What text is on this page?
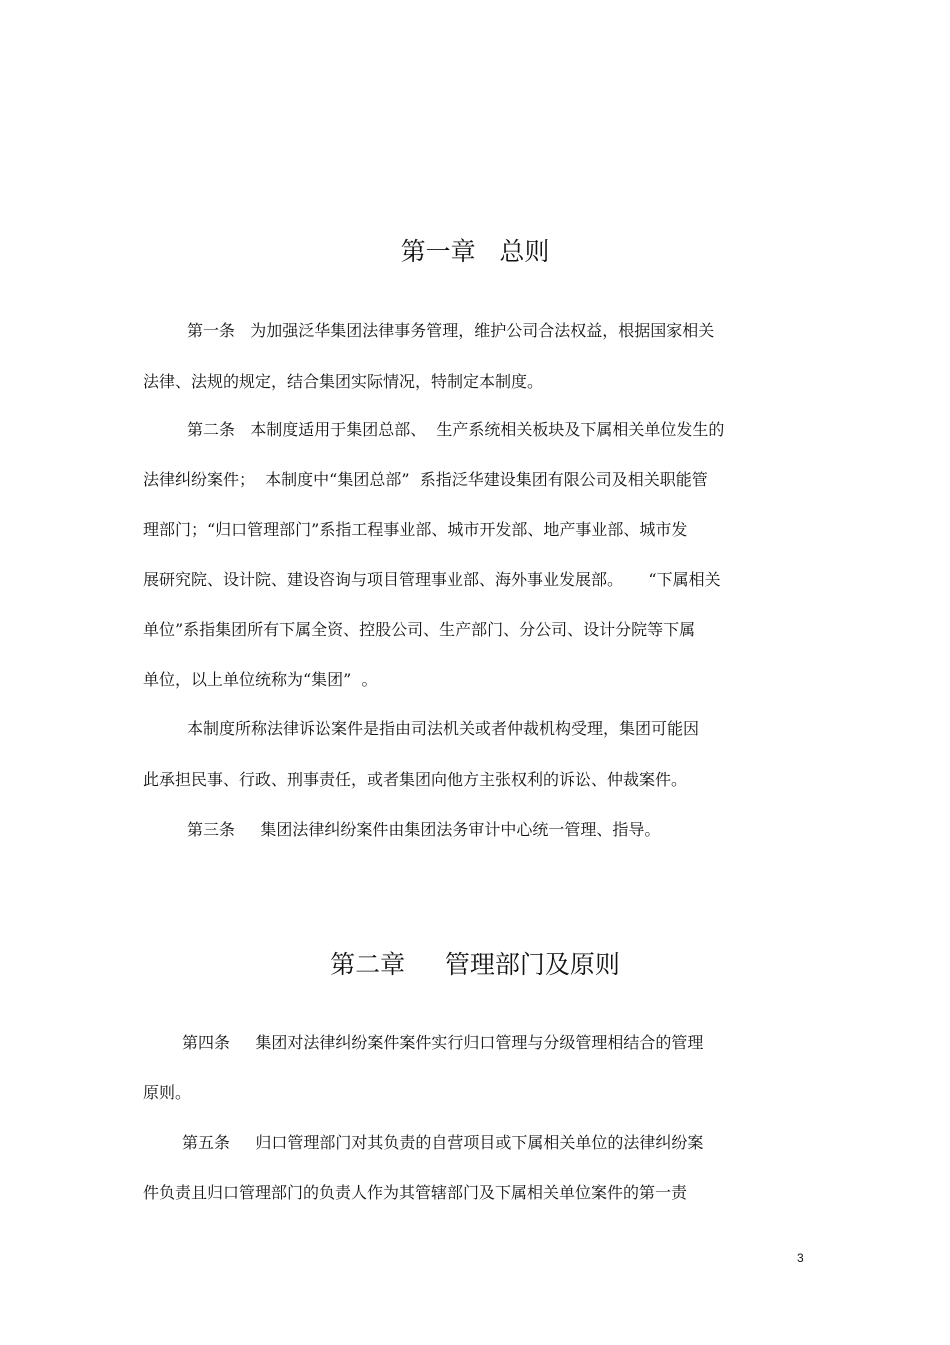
第一章   总则

第一条   为加强泛华集团法律事务管理，维护公司合法权益，根据国家相关

法律、法规的规定，结合集团实际情况，特制定本制度。

第二条   本制度适用于集团总部、  生产系统相关板块及下属相关单位发生的

法律纠纷案件；  本制度中“集团总部”  系指泛华建设集团有限公司及相关职能管

理部门；“归口管理部门”系指工程事业部、城市开发部、地产事业部、城市发

展研究院、设计院、建设咨询与项目管理事业部、海外事业发展部。     “下属相关

单位”系指集团所有下属全资、控股公司、生产部门、分公司、设计分院等下属

单位，以上单位统称为“集团”  。

本制度所称法律诉讼案件是指由司法机关或者仲裁机构受理，集团可能因

此承担民事、行政、刑事责任，或者集团向他方主张权利的诉讼、仲裁案件。

第三条     集团法律纠纷案件由集团法务审计中心统一管理、指导。

第二章     管理部门及原则

第四条     集团对法律纠纷案件案件实行归口管理与分级管理相结合的管理

原则。

第五条     归口管理部门对其负责的自营项目或下属相关单位的法律纠纷案

件负责且归口管理部门的负责人作为其管辖部门及下属相关单位案件的第一责

3
